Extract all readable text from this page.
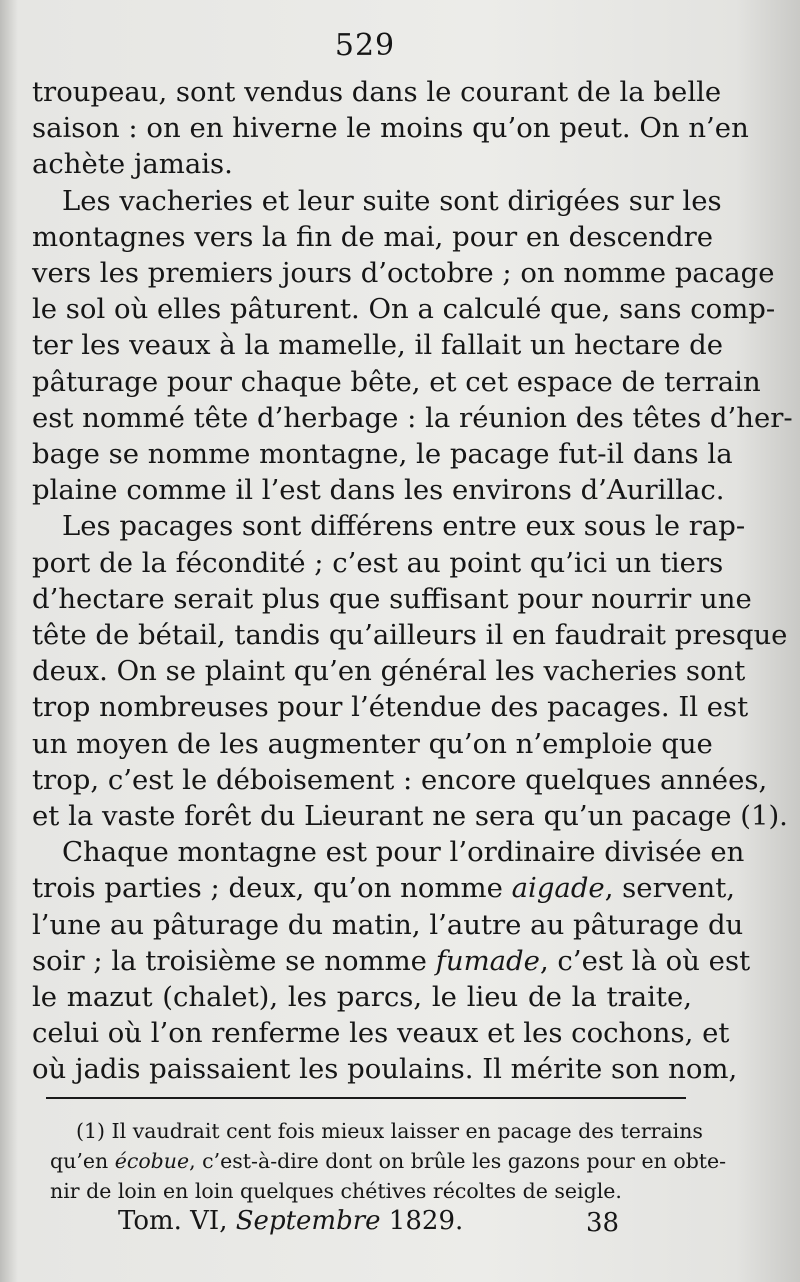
529
troupeau, sont vendus dans le courant de la belle
saison : on en hiverne le moins qu’on peut. On n’en
achète jamais.
Les vacheries et leur suite sont dirigées sur les
montagnes vers la fin de mai, pour en descendre
vers les premiers jours d’octobre ; on nomme pacage
le sol où elles pâturent. On a calculé que, sans comp-
ter les veaux à la mamelle, il fallait un hectare de
pâturage pour chaque bête, et cet espace de terrain
est nommé tête d’herbage : la réunion des têtes d’her-
bage se nomme montagne, le pacage fut-il dans la
plaine comme il l’est dans les environs d’Aurillac.
Les pacages sont différens entre eux sous le rap-
port de la fécondité ; c’est au point qu’ici un tiers
d’hectare serait plus que suffisant pour nourrir une
tête de bétail, tandis qu’ailleurs il en faudrait presque
deux. On se plaint qu’en général les vacheries sont
trop nombreuses pour l’étendue des pacages. Il est
un moyen de les augmenter qu’on n’emploie que
trop, c’est le déboisement : encore quelques années,
et la vaste forêt du Lieurant ne sera qu’un pacage (1).
Chaque montagne est pour l’ordinaire divisée en
trois parties ; deux, qu’on nomme aigade, servent,
l’une au pâturage du matin, l’autre au pâturage du
soir ; la troisième se nomme fumade, c’est là où est
le mazut (chalet), les parcs, le lieu de la traite,
celui où l’on renferme les veaux et les cochons, et
où jadis paissaient les poulains. Il mérite son nom,
(1) Il vaudrait cent fois mieux laisser en pacage des terrains
qu’en écobue, c’est-à-dire dont on brûle les gazons pour en obte-
nir de loin en loin quelques chétives récoltes de seigle.
Tom. VI, Septembre 1829.	38
